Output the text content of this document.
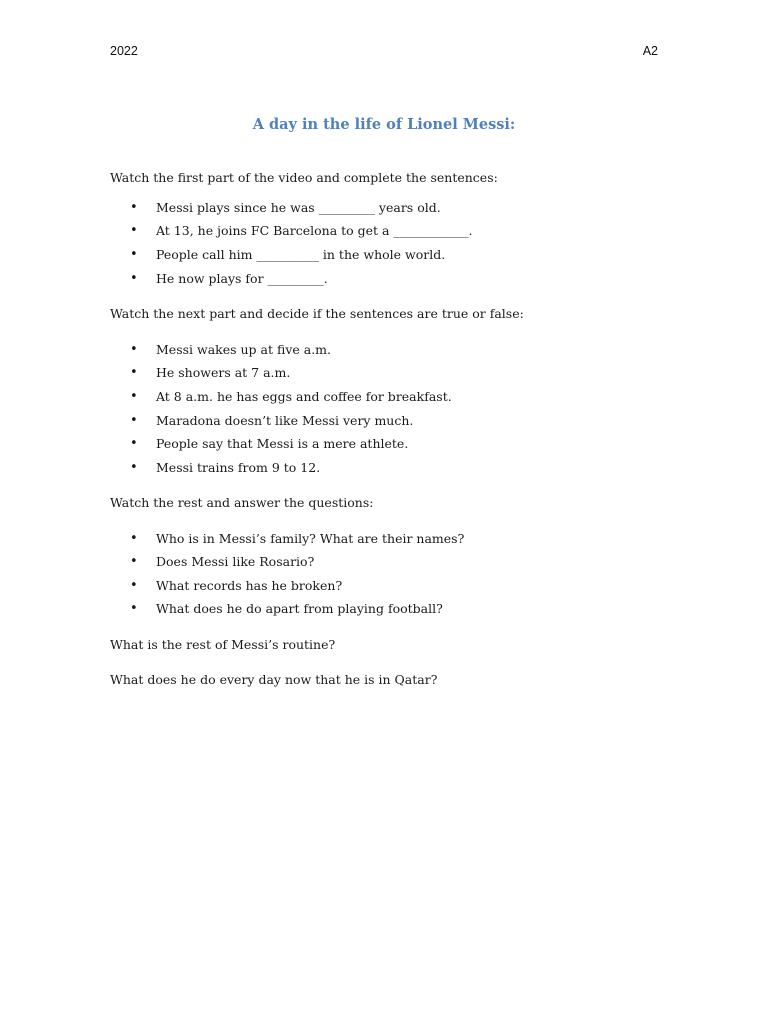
2022	A2
A day in the life of Lionel Messi:
Watch the first part of the video and complete the sentences:
•	Messi plays since he was _________ years old.
•	At 13, he joins FC Barcelona to get a ____________.
•	People call him __________ in the whole world.
•	He now plays for _________.
Watch the next part and decide if the sentences are true or false:
•	Messi wakes up at five a.m.
•	He showers at 7 a.m.
•	At 8 a.m. he has eggs and coffee for breakfast.
•	Maradona doesn’t like Messi very much.
•	People say that Messi is a mere athlete.
•	Messi trains from 9 to 12.
Watch the rest and answer the questions:
•	Who is in Messi’s family? What are their names?
•	Does Messi like Rosario?
•	What records has he broken?
•	What does he do apart from playing football?
What is the rest of Messi’s routine?
What does he do every day now that he is in Qatar?
